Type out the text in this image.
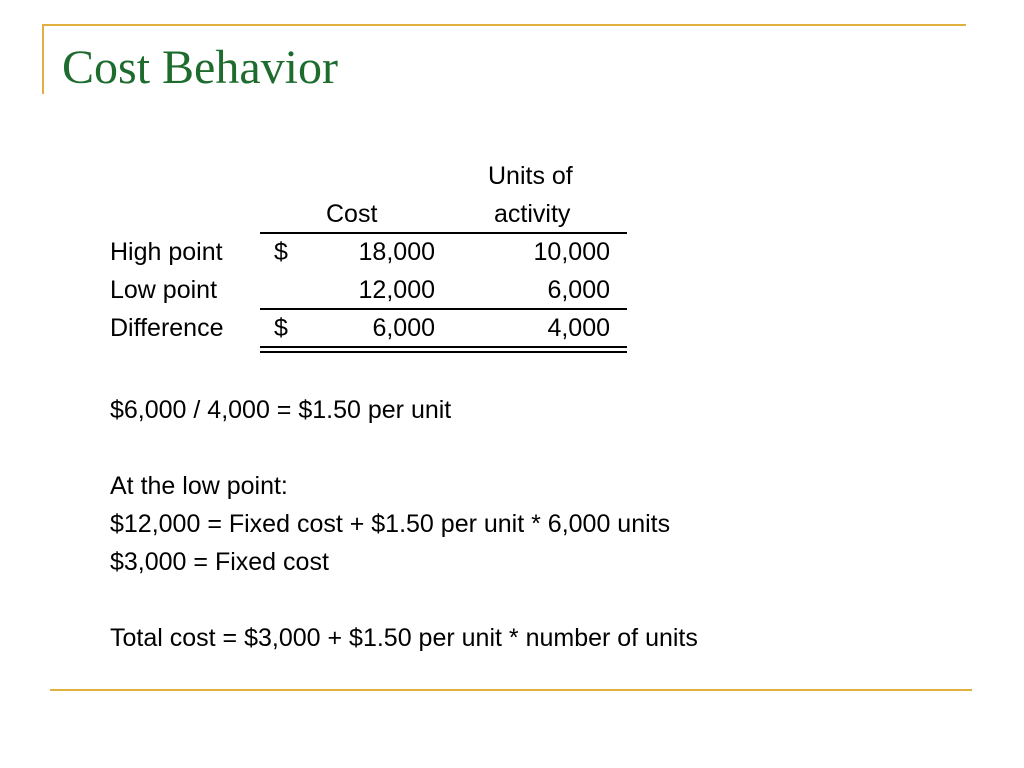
Cost Behavior
Units of
Cost	activity
High point $	18,000	10,000
Low point	12,000	6,000
Difference $	6,000	4,000
$6,000 / 4,000 = $1.50 per unit
At the low point:
$12,000 = Fixed cost + $1.50 per unit * 6,000 units
$3,000 = Fixed cost
Total cost = $3,000 + $1.50 per unit * number of units
